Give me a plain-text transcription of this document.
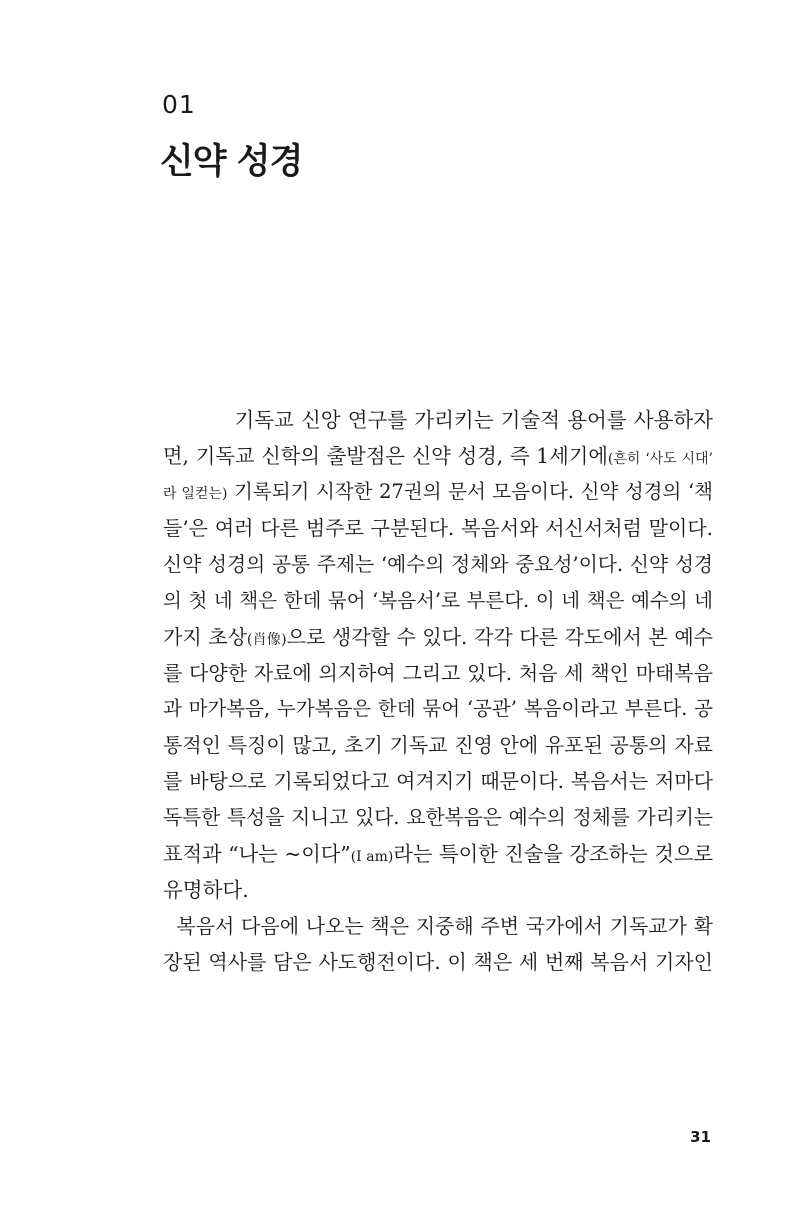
01
신약 성경
기독교 신앙 연구를 가리키는 기술적 용어를 사용하자
면, 기독교 신학의 출발점은 신약 성경, 즉 1세기에(흔히 ‘사도 시대’
라 일컫는) 기록되기 시작한 27권의 문서 모음이다. 신약 성경의 ‘책
들’은 여러 다른 범주로 구분된다. 복음서와 서신서처럼 말이다.
신약 성경의 공통 주제는 ‘예수의 정체와 중요성’이다. 신약 성경
의 첫 네 책은 한데 묶어 ‘복음서’로 부른다. 이 네 책은 예수의 네
가지 초상(肖像)으로 생각할 수 있다. 각각 다른 각도에서 본 예수
를 다양한 자료에 의지하여 그리고 있다. 처음 세 책인 마태복음
과 마가복음, 누가복음은 한데 묶어 ‘공관’ 복음이라고 부른다. 공
통적인 특징이 많고, 초기 기독교 진영 안에 유포된 공통의 자료
를 바탕으로 기록되었다고 여겨지기 때문이다. 복음서는 저마다
독특한 특성을 지니고 있다. 요한복음은 예수의 정체를 가리키는
표적과 “나는 ~이다”(I am)라는 특이한 진술을 강조하는 것으로
유명하다.
복음서 다음에 나오는 책은 지중해 주변 국가에서 기독교가 확
장된 역사를 담은 사도행전이다. 이 책은 세 번째 복음서 기자인
31
